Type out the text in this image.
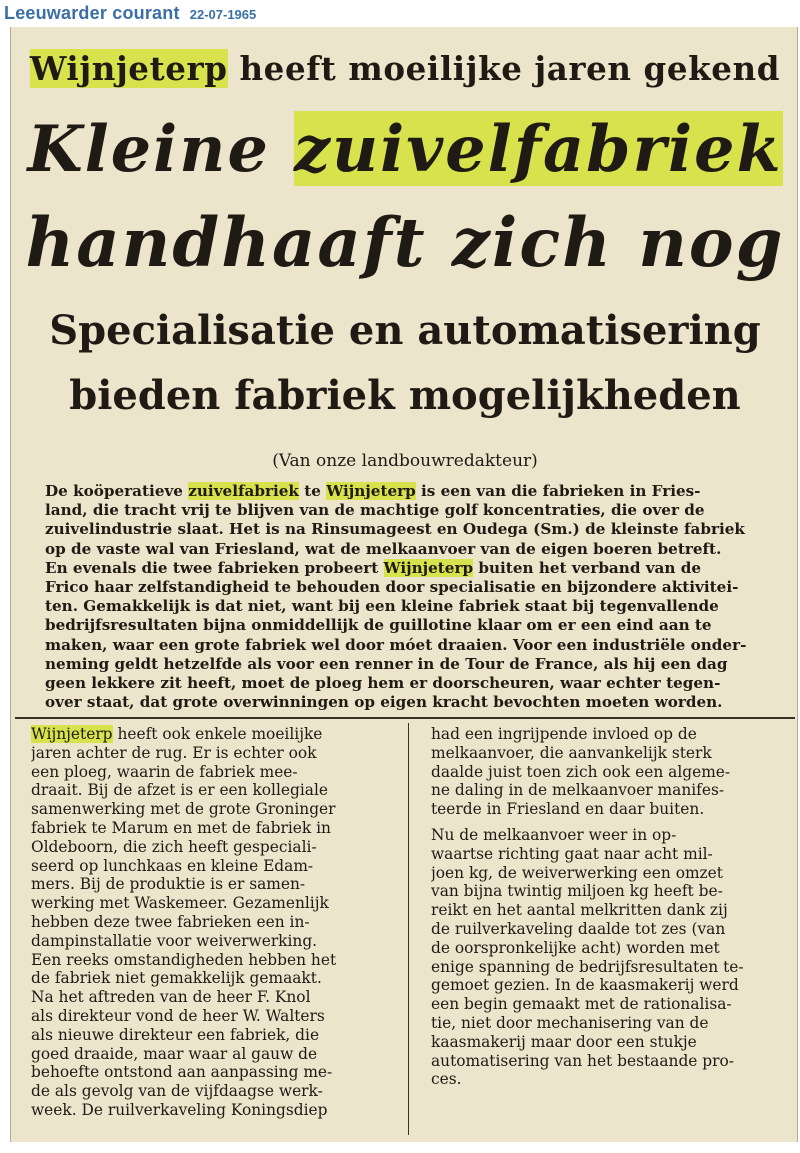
Leeuwarder courant 22-07-1965
Wijnjeterp heeft moeilijke jaren gekend
Kleine zuivelfabriek
handhaaft zich nog
Specialisatie en automatisering
bieden fabriek mogelijkheden
(Van onze landbouwredakteur)
De koöperatieve zuivelfabriek te Wijnjeterp is een van die fabrieken in Fries-
land, die tracht vrij te blijven van de machtige golf koncentraties, die over de
zuivelindustrie slaat. Het is na Rinsumageest en Oudega (Sm.) de kleinste fabriek
op de vaste wal van Friesland, wat de melkaanvoer van de eigen boeren betreft.
En evenals die twee fabrieken probeert Wijnjeterp buiten het verband van de
Frico haar zelfstandigheid te behouden door specialisatie en bijzondere aktivitei-
ten. Gemakkelijk is dat niet, want bij een kleine fabriek staat bij tegenvallende
bedrijfsresultaten bijna onmiddellijk de guillotine klaar om er een eind aan te
maken, waar een grote fabriek wel door móet draaien. Voor een industriële onder-
neming geldt hetzelfde als voor een renner in de Tour de France, als hij een dag
geen lekkere zit heeft, moet de ploeg hem er doorscheuren, waar echter tegen-
over staat, dat grote overwinningen op eigen kracht bevochten moeten worden.
Wijnjeterp heeft ook enkele moeilijke
jaren achter de rug. Er is echter ook
een ploeg, waarin de fabriek mee-
draait. Bij de afzet is er een kollegiale
samenwerking met de grote Groninger
fabriek te Marum en met de fabriek in
Oldeboorn, die zich heeft gespeciali-
seerd op lunchkaas en kleine Edam-
mers. Bij de produktie is er samen-
werking met Waskemeer. Gezamenlijk
hebben deze twee fabrieken een in-
dampinstallatie voor weiverwerking.
Een reeks omstandigheden hebben het
de fabriek niet gemakkelijk gemaakt.
Na het aftreden van de heer F. Knol
als direkteur vond de heer W. Walters
als nieuwe direkteur een fabriek, die
goed draaide, maar waar al gauw de
behoefte ontstond aan aanpassing me-
de als gevolg van de vijfdaagse werk-
week. De ruilverkaveling Koningsdiep
had een ingrijpende invloed op de
melkaanvoer, die aanvankelijk sterk
daalde juist toen zich ook een algeme-
ne daling in de melkaanvoer manifes-
teerde in Friesland en daar buiten.
Nu de melkaanvoer weer in op-
waartse richting gaat naar acht mil-
joen kg, de weiverwerking een omzet
van bijna twintig miljoen kg heeft be-
reikt en het aantal melkritten dank zij
de ruilverkaveling daalde tot zes (van
de oorspronkelijke acht) worden met
enige spanning de bedrijfsresultaten te-
gemoet gezien. In de kaasmakerij werd
een begin gemaakt met de rationalisa-
tie, niet door mechanisering van de
kaasmakerij maar door een stukje
automatisering van het bestaande pro-
ces.
